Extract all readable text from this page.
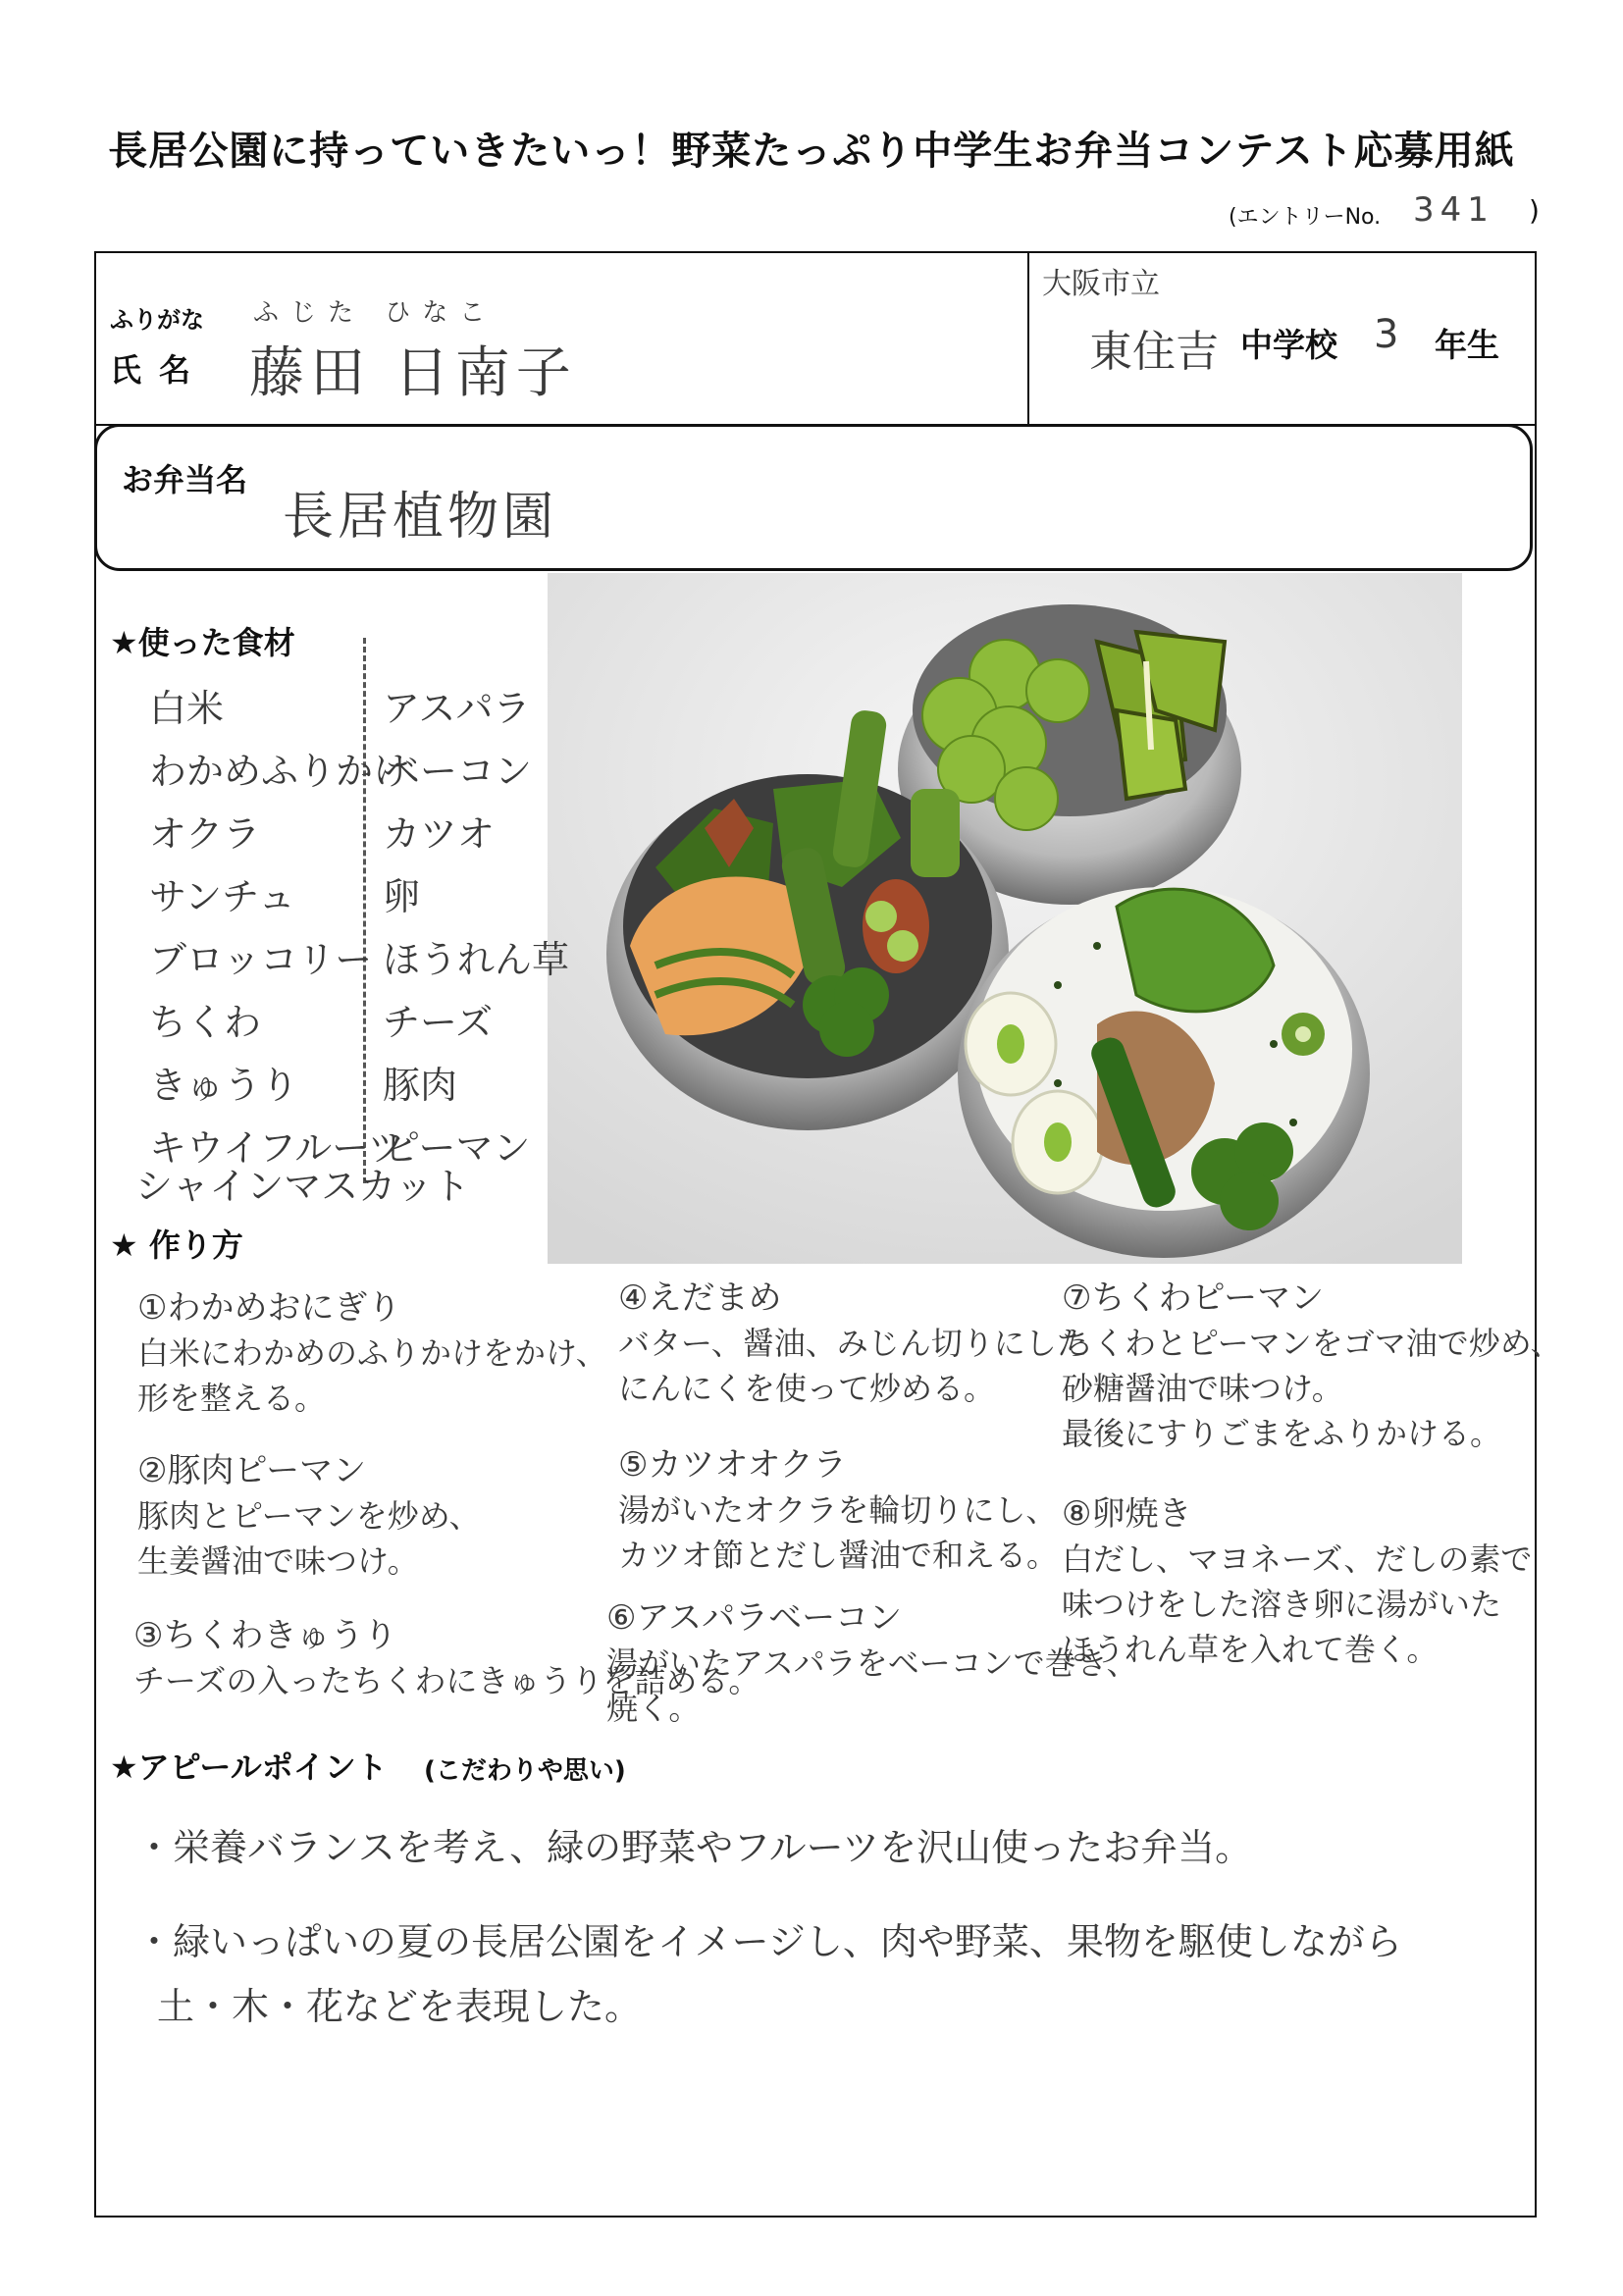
長居公園に持っていきたいっ！野菜たっぷり中学生お弁当コンテスト応募用紙
(エントリーNo. 341 )
ふりがな ふじた ひなこ
氏名 藤田 日南子
大阪市立
東住吉 中学校 3 年生
お弁当名
長居植物園
★使った食材
白米
わかめふりかけ
オクラ
サンチュ
ブロッコリー
ちくわ
きゅうり
キウイフルーツ
アスパラ
ベーコン
カツオ
卵
ほうれん草
チーズ
豚肉
ピーマン
シャインマスカット
★ 作り方
①わかめおにぎり
白米にわかめのふりかけをかけ、
形を整える。
②豚肉ピーマン
豚肉とピーマンを炒め、
生姜醤油で味つけ。
③ちくわきゅうり
チーズの入ったちくわにきゅうりを詰める。
④えだまめ
バター、醤油、みじん切りにした
にんにくを使って炒める。
⑤カツオオクラ
湯がいたオクラを輪切りにし、
カツオ節とだし醤油で和える。
⑥アスパラベーコン
湯がいたアスパラをベーコンで巻き、
焼く。
⑦ちくわピーマン
ちくわとピーマンをゴマ油で炒め、
砂糖醤油で味つけ。
最後にすりごまをふりかける。
⑧卵焼き
白だし、マヨネーズ、だしの素で
味つけをした溶き卵に湯がいた
ほうれん草を入れて巻く。
★アピールポイント (こだわりや思い)
・栄養バランスを考え、緑の野菜やフルーツを沢山使ったお弁当。
・緑いっぱいの夏の長居公園をイメージし、肉や野菜、果物を駆使しながら
土・木・花などを表現した。
